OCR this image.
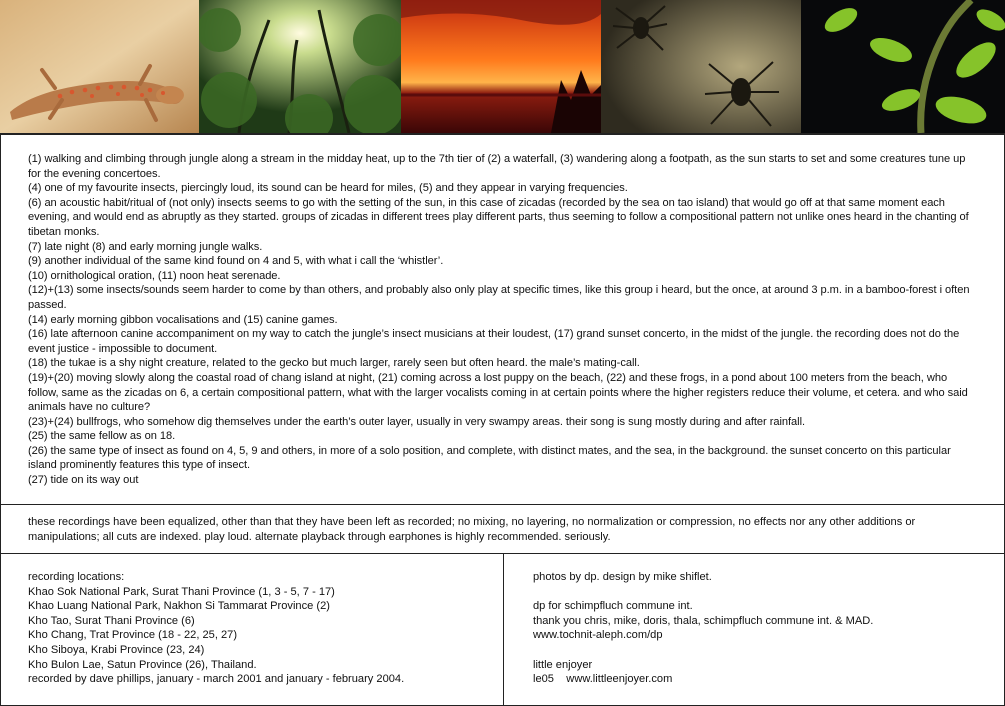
(1) walking and climbing through jungle along a stream in the midday heat, up to the 7th tier of (2) a waterfall, (3) wandering along a footpath, as the sun starts to set and some creatures tune up for the evening concertoes.

(4) one of my favourite insects, piercingly loud, its sound can be heard for miles, (5) and they appear in varying frequencies.

(6) an acoustic habit/ritual of (not only) insects seems to go with the setting of the sun, in this case of zicadas (recorded by the sea on tao island) that would go off at that same moment each evening, and would end as abruptly as they started. groups of zicadas in different trees play different parts, thus seeming to follow a compositional pattern not unlike ones heard in the chanting of tibetan monks.

(7) late night (8) and early morning jungle walks.

(9) another individual of the same kind found on 4 and 5, with what i call the ‘whistler’.

(10) ornithological oration, (11) noon heat serenade.

(12)+(13) some insects/sounds seem harder to come by than others, and probably also only play at specific times, like this group i heard, but the once, at around 3 p.m. in a bamboo-forest i often passed.

(14) early morning gibbon vocalisations and (15) canine games.

(16) late afternoon canine accompaniment on my way to catch the jungle’s insect musicians at their loudest, (17) grand sunset concerto, in the midst of the jungle. the recording does not do the event justice - impossible to document.

(18) the tukae is a shy night creature, related to the gecko but much larger, rarely seen but often heard. the male’s mating-call.

(19)+(20) moving slowly along the coastal road of chang island at night, (21) coming across a lost puppy on the beach, (22) and these frogs, in a pond about 100 meters from the beach, who follow, same as the zicadas on 6, a certain compositional pattern, what with the larger vocalists coming in at certain points where the higher registers reduce their volume, et cetera. and who said animals have no culture?

(23)+(24) bullfrogs, who somehow dig themselves under the earth’s outer layer, usually in very swampy areas. their song is sung mostly during and after rainfall.

(25) the same fellow as on 18.

(26) the same type of insect as found on 4, 5, 9 and others, in more of a solo position, and complete, with distinct mates, and the sea, in the background. the sunset concerto on this particular island prominently features this type of insect.

(27) tide on its way out

these recordings have been equalized, other than that they have been left as recorded; no mixing, no layering, no normalization or compression, no effects nor any other additions or manipulations; all cuts are indexed. play loud. alternate playback through earphones is highly recommended. seriously.

recording locations:

Khao Sok National Park, Surat Thani Province (1, 3 - 5, 7 - 17)

Khao Luang National Park, Nakhon Si Tammarat Province (2)

Kho Tao, Surat Thani Province (6)

Kho Chang, Trat Province (18 - 22, 25, 27)

Kho Siboya, Krabi Province (23, 24)

Kho Bulon Lae, Satun Province (26), Thailand.

recorded by dave phillips, january - march 2001 and january - february 2004.

photos by dp. design by mike shiflet.

dp for schimpfluch commune int.

thank you chris, mike, doris, thala, schimpfluch commune int. & MAD.

www.tochnit-aleph.com/dp

little enjoyer

le05    www.littleenjoyer.com
